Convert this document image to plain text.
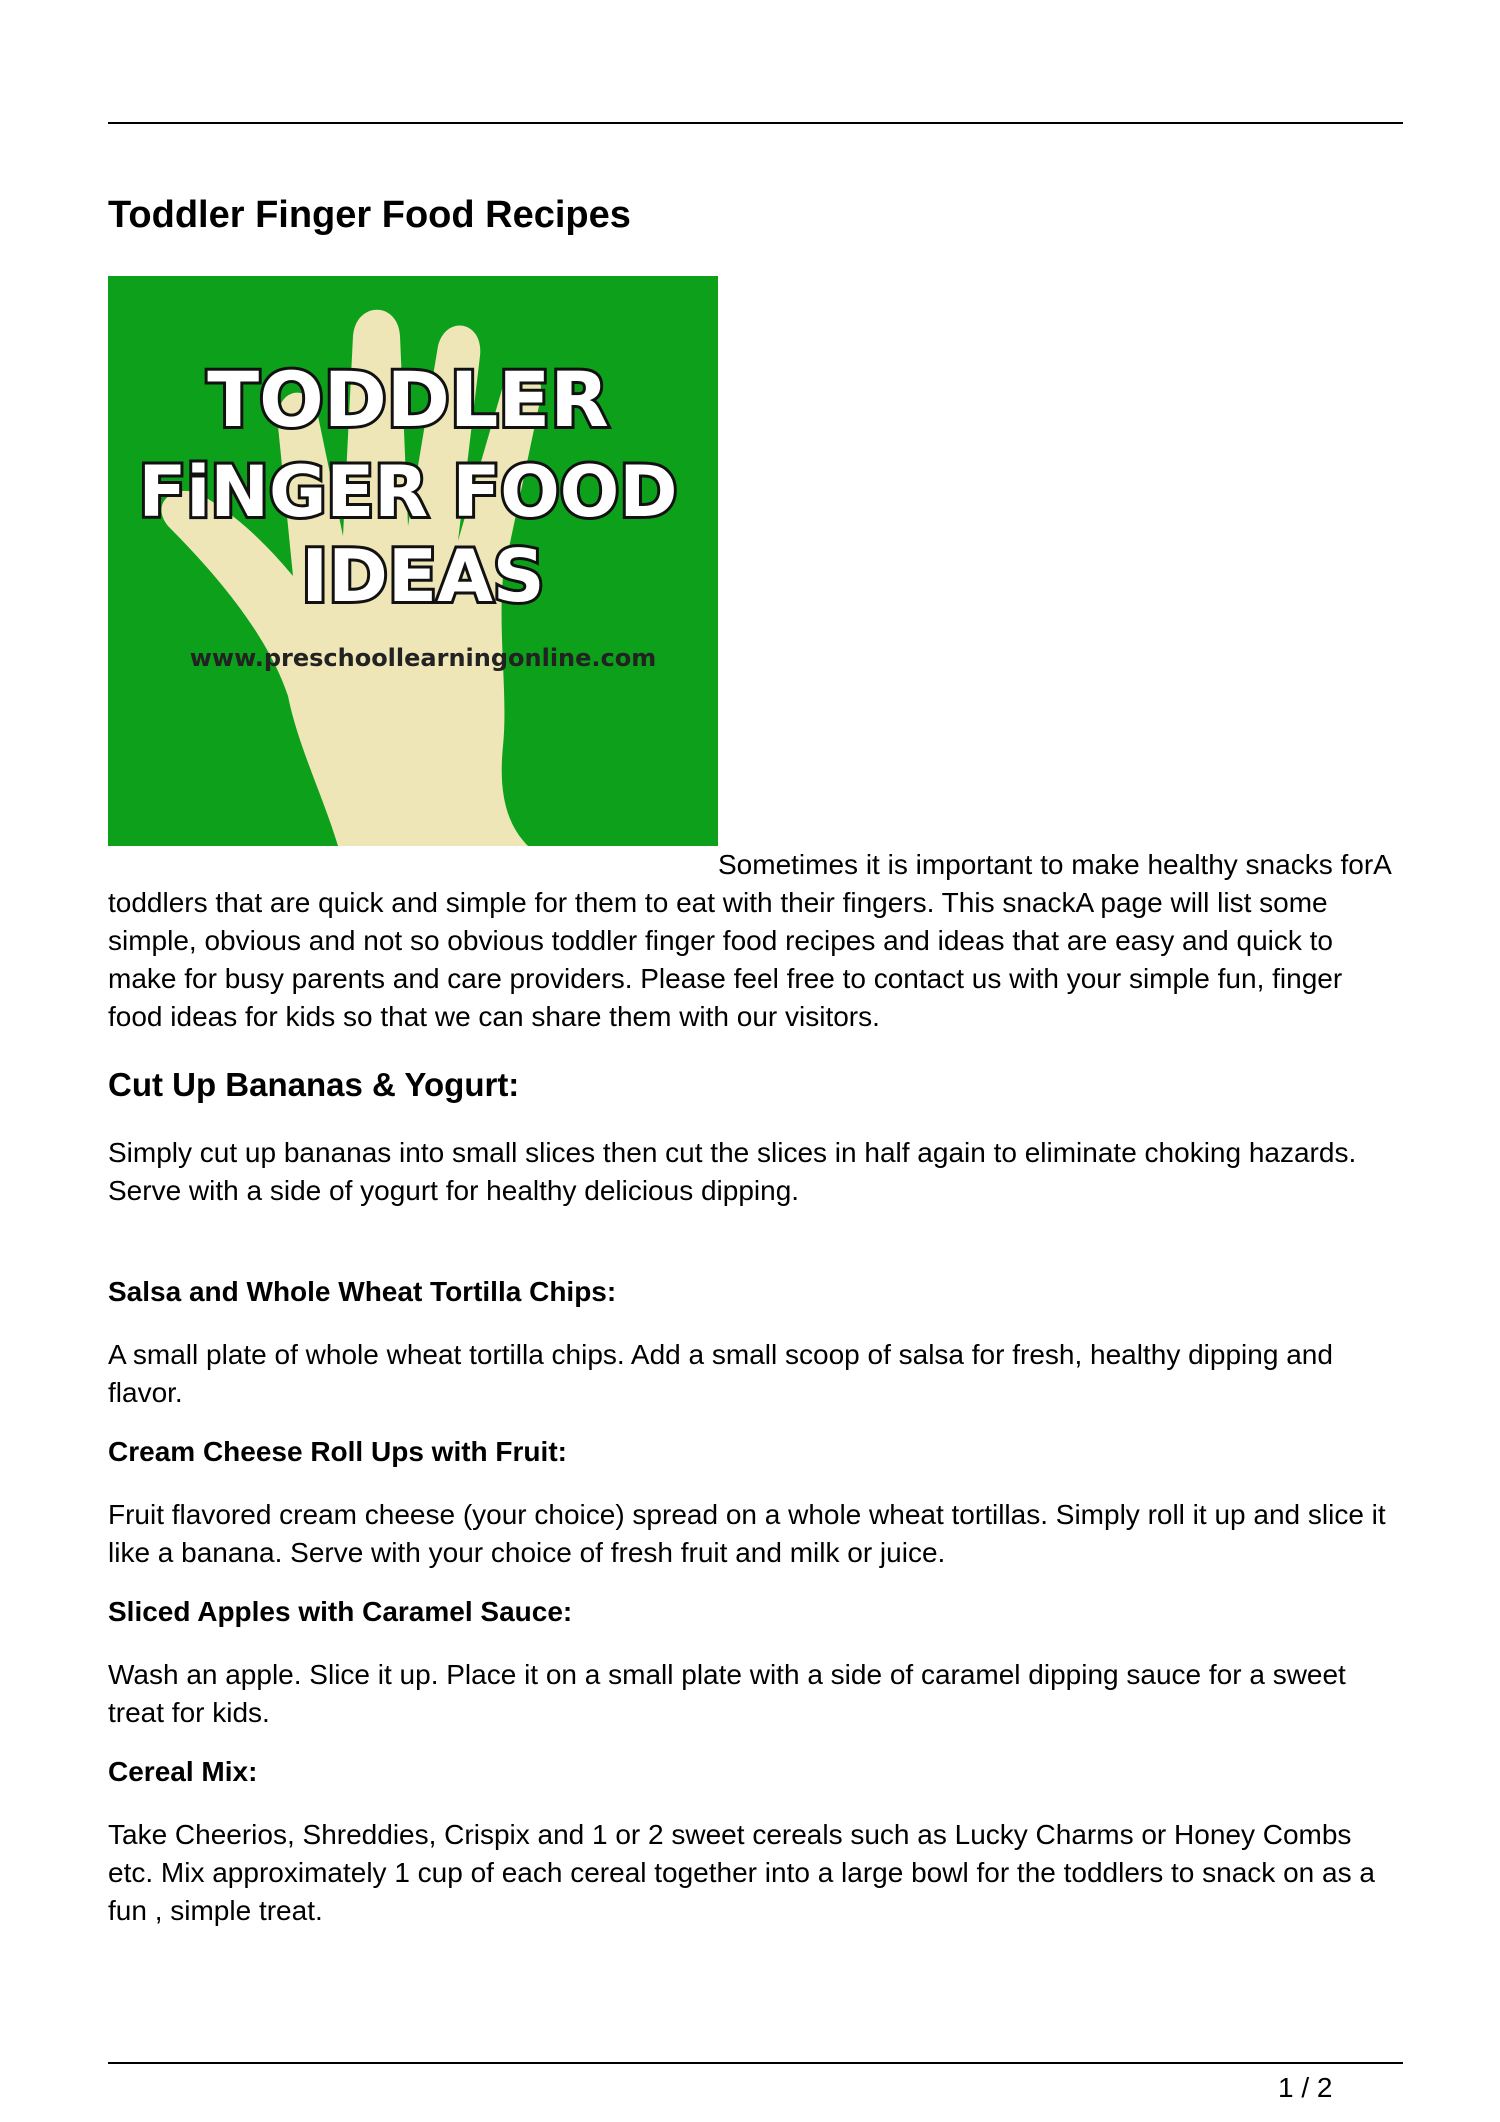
Toddler Finger Food Recipes
TODDLER
FiNGER FOOD
IDEAS
www.preschoollearningonline.com

Sometimes it is important to make healthy snacks forA toddlers that are quick and simple for them to eat with their fingers. This snackA page will list some simple, obvious and not so obvious toddler finger food recipes and ideas that are easy and quick to make for busy parents and care providers. Please feel free to contact us with your simple fun, finger food ideas for kids so that we can share them with our visitors.

Cut Up Bananas & Yogurt:

Simply cut up bananas into small slices then cut the slices in half again to eliminate choking hazards. Serve with a side of yogurt for healthy delicious dipping.

Salsa and Whole Wheat Tortilla Chips:

A small plate of whole wheat tortilla chips. Add a small scoop of salsa for fresh, healthy dipping and flavor.

Cream Cheese Roll Ups with Fruit:

Fruit flavored cream cheese (your choice) spread on a whole wheat tortillas. Simply roll it up and slice it like a banana. Serve with your choice of fresh fruit and milk or juice.

Sliced Apples with Caramel Sauce:

Wash an apple. Slice it up. Place it on a small plate with a side of caramel dipping sauce for a sweet treat for kids.

Cereal Mix:

Take Cheerios, Shreddies, Crispix and 1 or 2 sweet cereals such as Lucky Charms or Honey Combs etc. Mix approximately 1 cup of each cereal together into a large bowl for the toddlers to snack on as a fun , simple treat.

1 / 2
